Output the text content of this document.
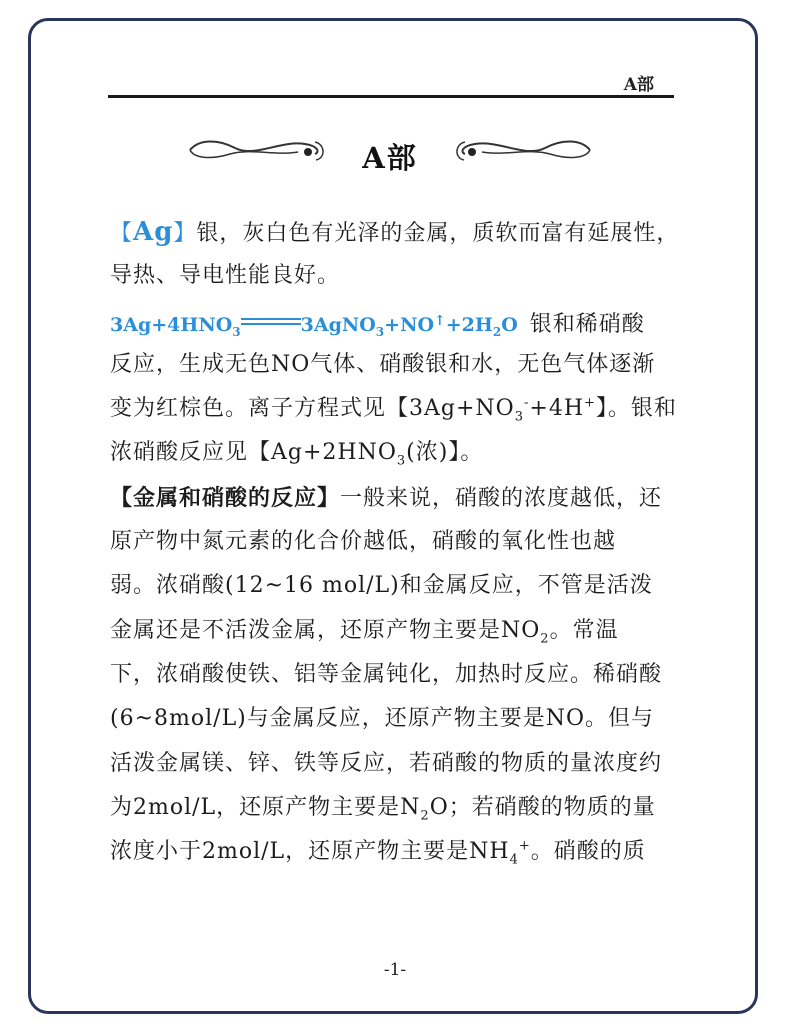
A部
A部
【Ag】银，灰白色有光泽的金属，质软而富有延展性，
导热、导电性能良好。
$3Ag+4HNO_3$	$3AgNO_3+NO^↑+2H_2O$ 银和稀硝酸
反应，生成无色NO气体、硝酸银和水，无色气体逐渐
变为红棕色。离子方程式见【$3Ag+NO_3^-+4H^+$】。银和
浓硝酸反应见【$Ag+2HNO_3$(浓)】。
【金属和硝酸的反应】一般来说，硝酸的浓度越低，还
原产物中氮元素的化合价越低，硝酸的氧化性也越
弱。浓硝酸(12~16 mol/L)和金属反应，不管是活泼
金属还是不活泼金属，还原产物主要是$NO_2$。常温
下，浓硝酸使铁、铝等金属钝化，加热时反应。稀硝酸
(6~8mol/L)与金属反应，还原产物主要是NO。但与
活泼金属镁、锌、铁等反应，若硝酸的物质的量浓度约
为2mol/L，还原产物主要是$N_2O$；若硝酸的物质的量
浓度小于2mol/L，还原产物主要是$NH_4^+$。硝酸的质
-1-
